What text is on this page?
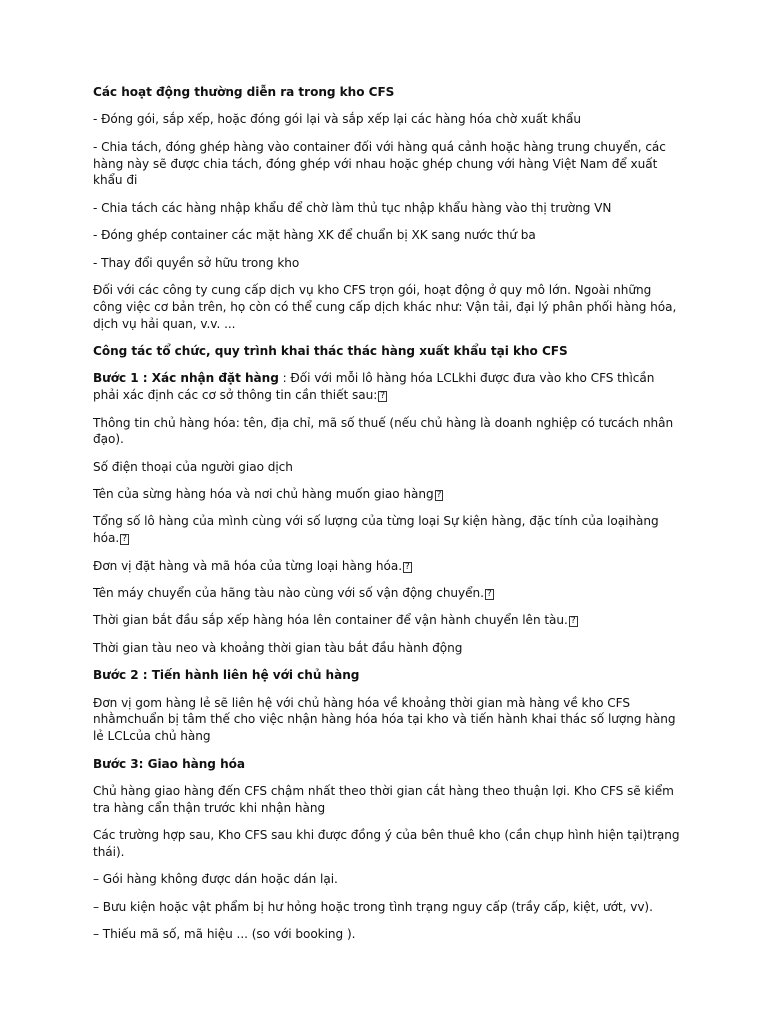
Các hoạt động thường diễn ra trong kho CFS

- Đóng gói, sắp xếp, hoặc đóng gói lại và sắp xếp lại các hàng hóa chờ xuất khẩu

- Chia tách, đóng ghép hàng vào container đối với hàng quá cảnh hoặc hàng trung chuyển, các hàng này sẽ được chia tách, đóng ghép với nhau hoặc ghép chung với hàng Việt Nam để xuất khẩu đi

- Chia tách các hàng nhập khẩu để chờ làm thủ tục nhập khẩu hàng vào thị trường VN

- Đóng ghép container các mặt hàng XK để chuẩn bị XK sang nước thứ ba

- Thay đổi quyền sở hữu trong kho

Đối với các công ty cung cấp dịch vụ kho CFS trọn gói, hoạt động ở quy mô lớn. Ngoài những công việc cơ bản trên, họ còn có thể cung cấp dịch khác như: Vận tải, đại lý phân phối hàng hóa, dịch vụ hải quan, v.v. ...

Công tác tổ chức, quy trình khai thác thác hàng xuất khẩu tại kho CFS

Bước 1 : Xác nhận đặt hàng : Đối với mỗi lô hàng hóa LCLkhi được đưa vào kho CFS thìcần phải xác định các cơ sở thông tin cần thiết sau: ?

Thông tin chủ hàng hóa: tên, địa chỉ, mã số thuế (nếu chủ hàng là doanh nghiệp có tưcách nhân đạo).

Số điện thoại của người giao dịch

Tên của sừng hàng hóa và nơi chủ hàng muốn giao hàng ?

Tổng số lô hàng của mình cùng với số lượng của từng loại Sự kiện hàng, đặc tính của loạihàng hóa. ?

Đơn vị đặt hàng và mã hóa của từng loại hàng hóa. ?

Tên máy chuyển của hãng tàu nào cùng với số vận động chuyển. ?

Thời gian bắt đầu sắp xếp hàng hóa lên container để vận hành chuyển lên tàu. ?

Thời gian tàu neo và khoảng thời gian tàu bắt đầu hành động

Bước 2 : Tiến hành liên hệ với chủ hàng

Đơn vị gom hàng lẻ sẽ liên hệ với chủ hàng hóa về khoảng thời gian mà hàng về kho CFS nhằmchuẩn bị tâm thế cho việc nhận hàng hóa hóa tại kho và tiến hành khai thác số lượng hàng lẻ LCLcủa chủ hàng

Bước 3: Giao hàng hóa

Chủ hàng giao hàng đến CFS chậm nhất theo thời gian cắt hàng theo thuận lợi. Kho CFS sẽ kiểm tra hàng cẩn thận trước khi nhận hàng

Các trường hợp sau, Kho CFS sau khi được đồng ý của bên thuê kho (cần chụp hình hiện tại)trạng thái).

– Gói hàng không được dán hoặc dán lại.

– Bưu kiện hoặc vật phẩm bị hư hỏng hoặc trong tình trạng nguy cấp (trầy cấp, kiệt, ướt, vv).

– Thiếu mã số, mã hiệu ... (so với booking ).
